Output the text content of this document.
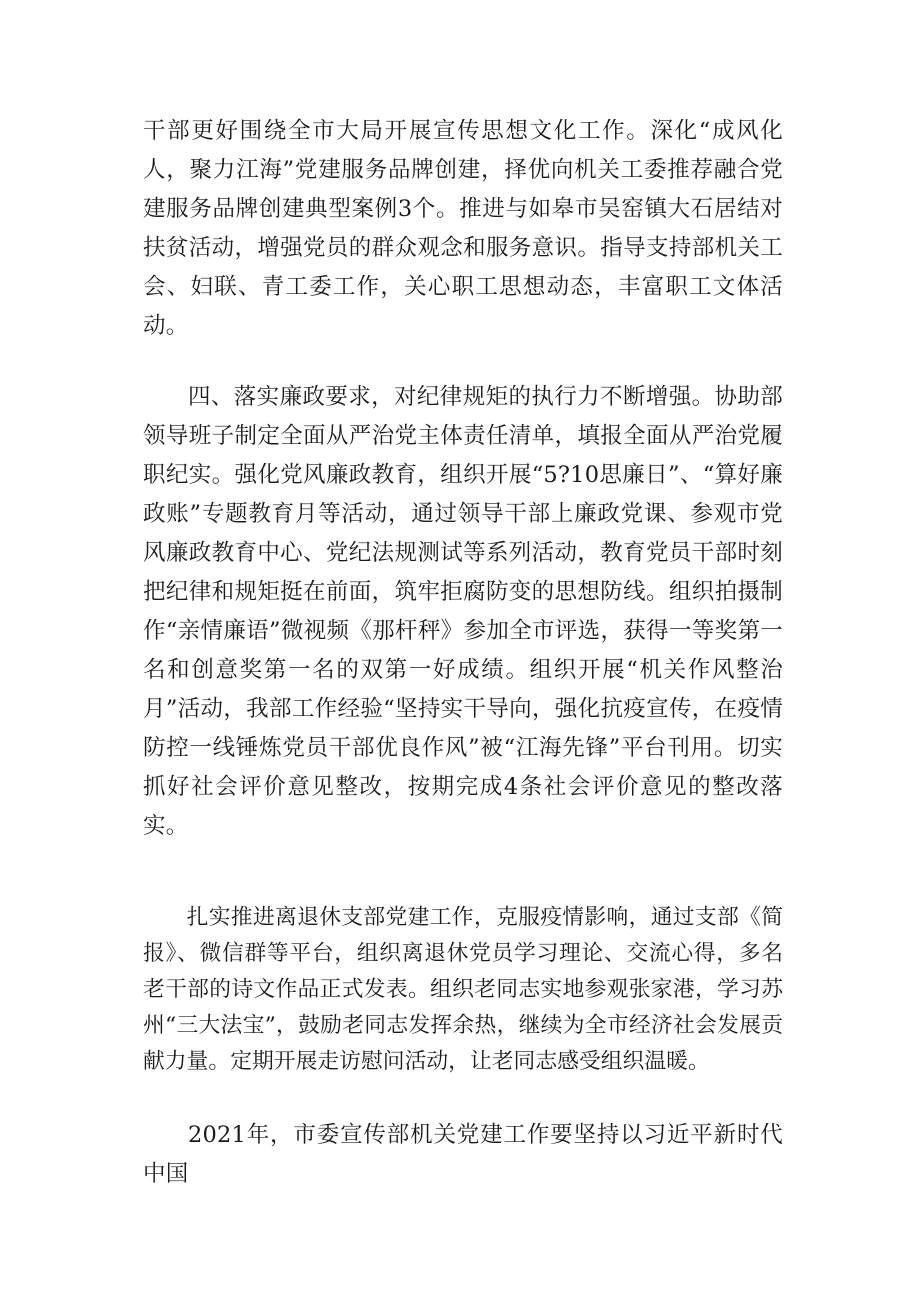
干部更好围绕全市大局开展宣传思想文化工作。深化“成风化人，聚力江海”党建服务品牌创建，择优向机关工委推荐融合党建服务品牌创建典型案例3个。推进与如皋市吴窑镇大石居结对扶贫活动，增强党员的群众观念和服务意识。指导支持部机关工会、妇联、青工委工作，关心职工思想动态，丰富职工文体活动。

四、落实廉政要求，对纪律规矩的执行力不断增强。协助部领导班子制定全面从严治党主体责任清单，填报全面从严治党履职纪实。强化党风廉政教育，组织开展“5?10思廉日”、“算好廉政账”专题教育月等活动，通过领导干部上廉政党课、参观市党风廉政教育中心、党纪法规测试等系列活动，教育党员干部时刻把纪律和规矩挺在前面，筑牢拒腐防变的思想防线。组织拍摄制作“亲情廉语”微视频《那杆秤》参加全市评选，获得一等奖第一名和创意奖第一名的双第一好成绩。组织开展“机关作风整治月”活动，我部工作经验“坚持实干导向，强化抗疫宣传，在疫情防控一线锤炼党员干部优良作风”被“江海先锋”平台刊用。切实抓好社会评价意见整改，按期完成4条社会评价意见的整改落实。

扎实推进离退休支部党建工作，克服疫情影响，通过支部《简报》、微信群等平台，组织离退休党员学习理论、交流心得，多名老干部的诗文作品正式发表。组织老同志实地参观张家港，学习苏州“三大法宝”，鼓励老同志发挥余热，继续为全市经济社会发展贡献力量。定期开展走访慰问活动，让老同志感受组织温暖。

2021年，市委宣传部机关党建工作要坚持以习近平新时代中国
